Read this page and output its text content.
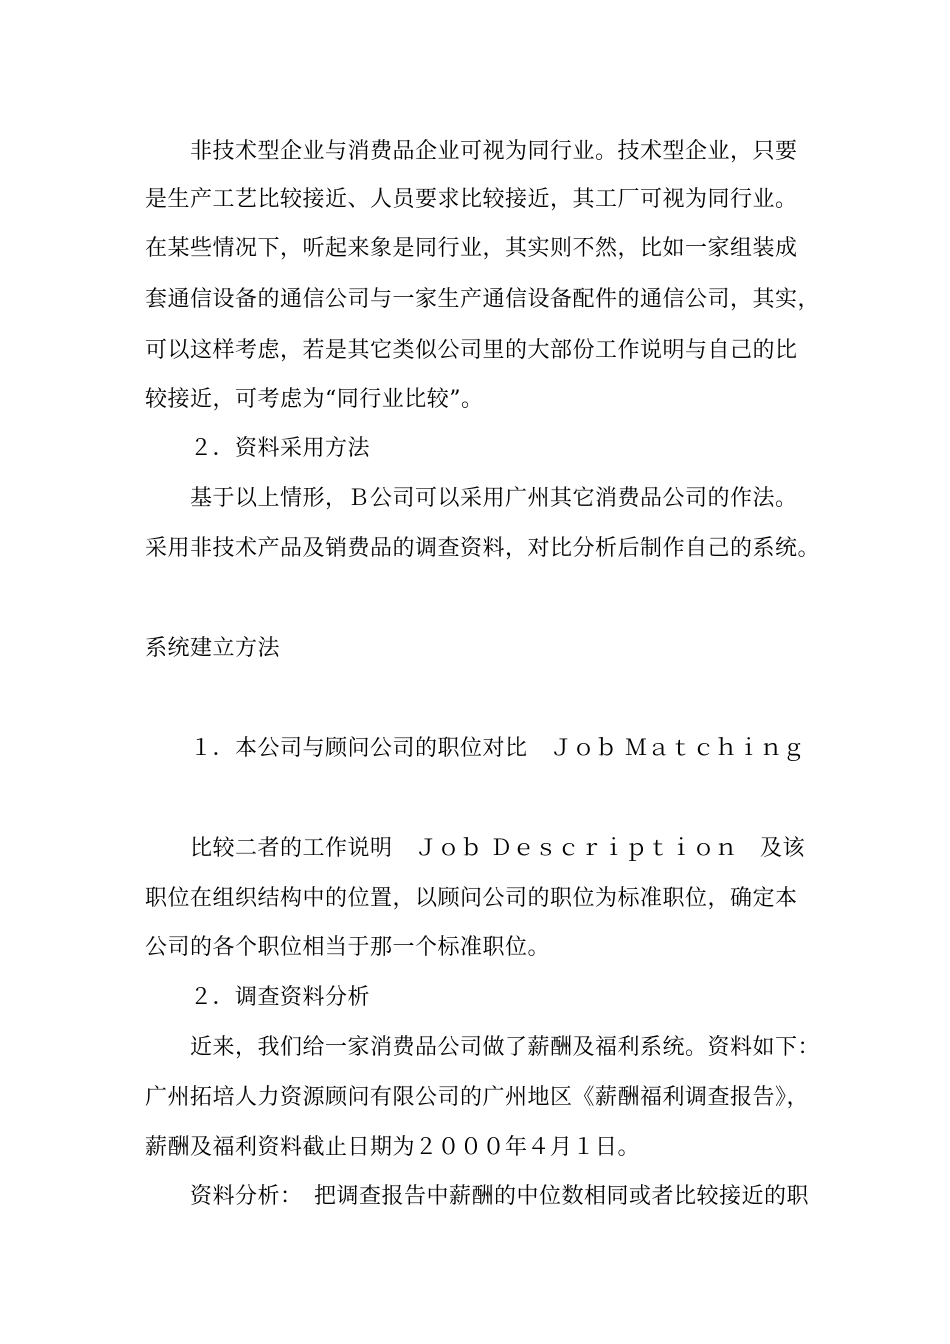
非技术型企业与消费品企业可视为同行业。技术型企业，只要
是生产工艺比较接近、人员要求比较接近，其工厂可视为同行业。
在某些情况下，听起来象是同行业，其实则不然，比如一家组装成
套通信设备的通信公司与一家生产通信设备配件的通信公司，其实，
可以这样考虑，若是其它类似公司里的大部份工作说明与自己的比
较接近，可考虑为“同行业比较”。
２．资料采用方法
基于以上情形，Ｂ公司可以采用广州其它消费品公司的作法。
采用非技术产品及销费品的调查资料，对比分析后制作自己的系统。
系统建立方法
１．本公司与顾问公司的职位对比　Ｊｏｂ Ｍａｔｃｈｉｎｇ
比较二者的工作说明　Ｊｏｂ Ｄｅｓｃｒｉｐｔｉｏｎ　及该
职位在组织结构中的位置，以顾问公司的职位为标准职位，确定本
公司的各个职位相当于那一个标准职位。
２．调查资料分析
近来，我们给一家消费品公司做了薪酬及福利系统。资料如下：
广州拓培人力资源顾问有限公司的广州地区《薪酬福利调查报告》，
薪酬及福利资料截止日期为２０００年４月１日。
资料分析：　把调查报告中薪酬的中位数相同或者比较接近的职
